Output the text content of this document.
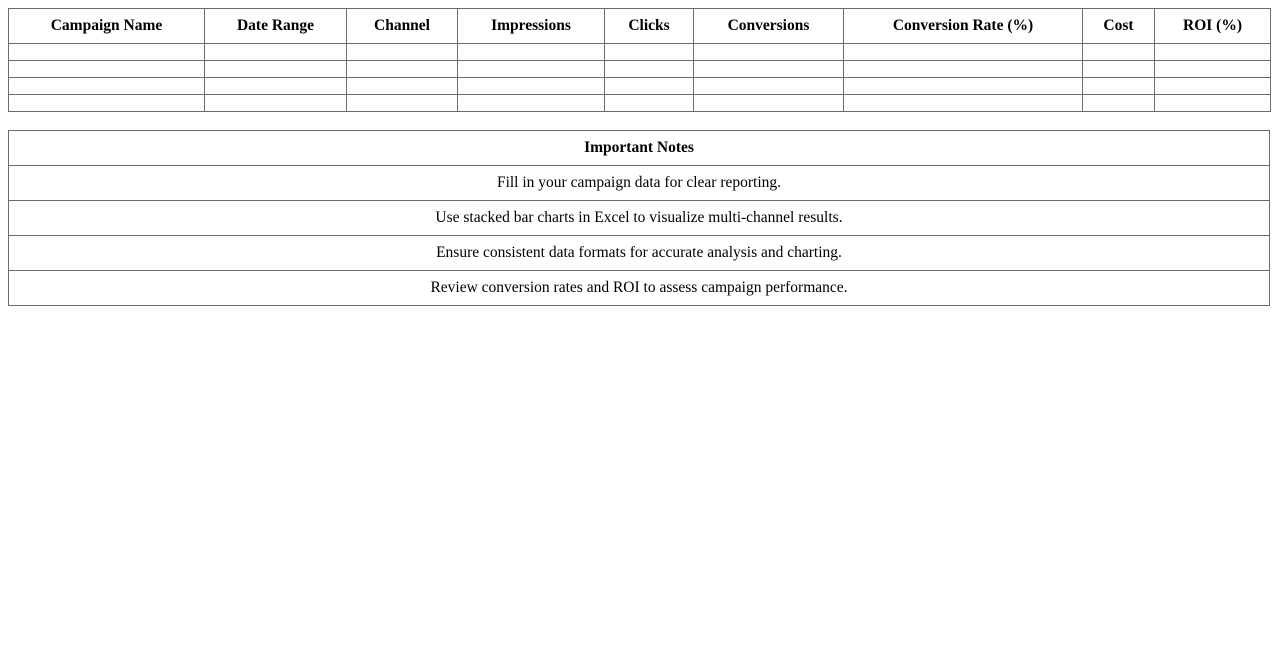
Campaign Name	Date Range	Channel	Impressions	Clicks	Conversions	Conversion Rate (%)	Cost	ROI (%)

Important Notes
Fill in your campaign data for clear reporting.
Use stacked bar charts in Excel to visualize multi-channel results.
Ensure consistent data formats for accurate analysis and charting.
Review conversion rates and ROI to assess campaign performance.
